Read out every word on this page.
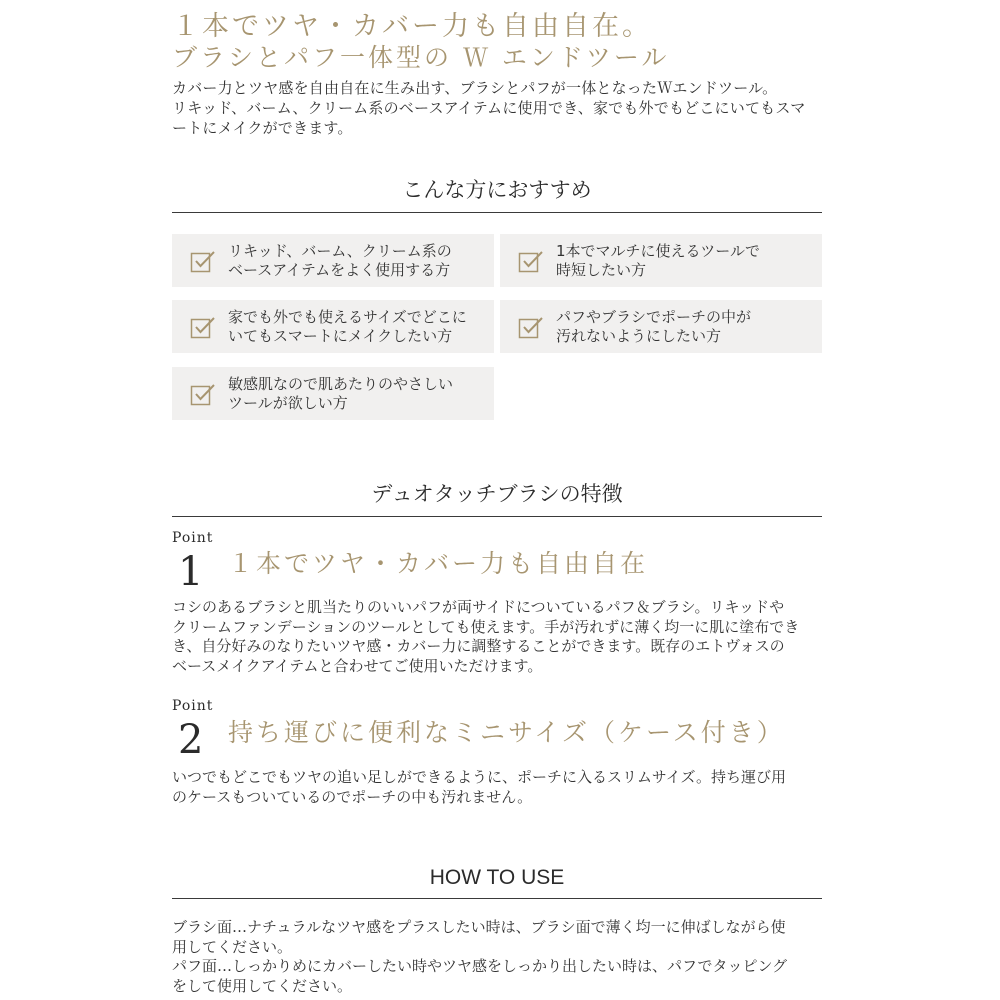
１本でツヤ・カバー力も自由自在。
ブラシとパフ一体型の Ｗ エンドツール

カバー力とツヤ感を自由自在に生み出す、ブラシとパフが一体となったＷエンドツール。
リキッド、バーム、クリーム系のベースアイテムに使用でき、家でも外でもどこにいてもスマ
ートにメイクができます。

こんな方におすすめ
リキッド、バーム、クリーム系の
ベースアイテムをよく使用する方
1本でマルチに使えるツールで
時短したい方
家でも外でも使えるサイズでどこに
いてもスマートにメイクしたい方
パフやブラシでポーチの中が
汚れないようにしたい方
敏感肌なので肌あたりのやさしい
ツールが欲しい方
デュオタッチブラシの特徴
Point
1 １本でツヤ・カバー力も自由自在

コシのあるブラシと肌当たりのいいパフが両サイドについているパフ＆ブラシ。リキッドや
クリームファンデーションのツールとしても使えます。手が汚れずに薄く均一に肌に塗布でき
き、自分好みのなりたいツヤ感・カバー力に調整することができます。既存のエトヴォスの
ベースメイクアイテムと合わせてご使用いただけます。

Point
2 持ち運びに便利なミニサイズ（ケース付き）

いつでもどこでもツヤの追い足しができるように、ポーチに入るスリムサイズ。持ち運び用
のケースもついているのでポーチの中も汚れません。

HOW TO USE

ブラシ面…ナチュラルなツヤ感をプラスしたい時は、ブラシ面で薄く均一に伸ばしながら使
用してください。
パフ面…しっかりめにカバーしたい時やツヤ感をしっかり出したい時は、パフでタッピング
をして使用してください。
